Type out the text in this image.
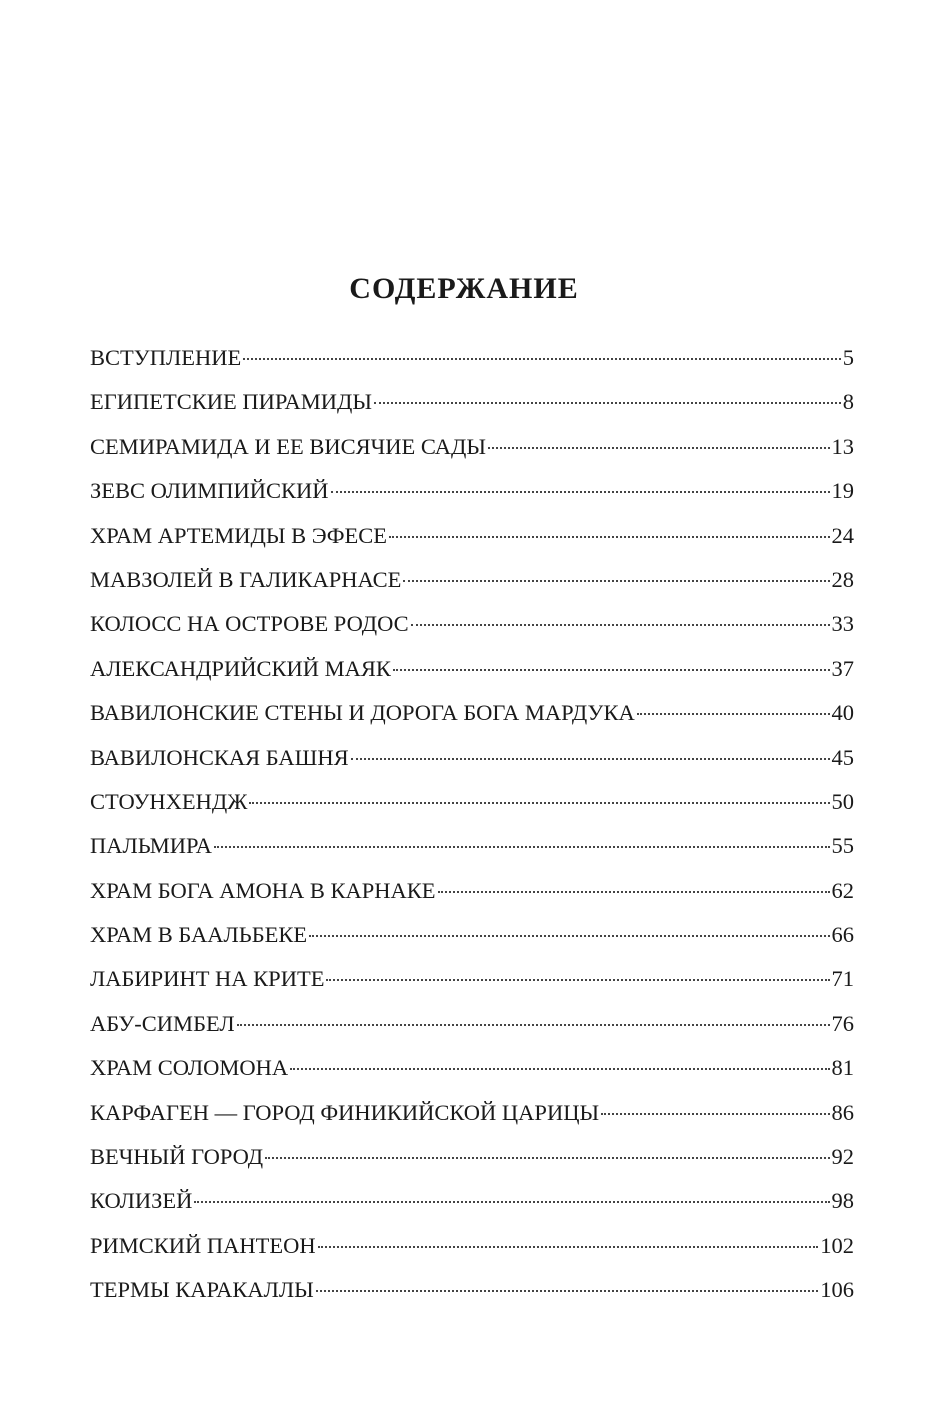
СОДЕРЖАНИЕ
ВСТУПЛЕНИЕ	5
ЕГИПЕТСКИЕ ПИРАМИДЫ	8
СЕМИРАМИДА И ЕЕ ВИСЯЧИЕ САДЫ	13
ЗЕВС ОЛИМПИЙСКИЙ	19
ХРАМ АРТЕМИДЫ В ЭФЕСЕ	24
МАВЗОЛЕЙ В ГАЛИКАРНАСЕ	28
КОЛОСС НА ОСТРОВЕ РОДОС	33
АЛЕКСАНДРИЙСКИЙ МАЯК	37
ВАВИЛОНСКИЕ СТЕНЫ И ДОРОГА БОГА МАРДУКА	40
ВАВИЛОНСКАЯ БАШНЯ	45
СТОУНХЕНДЖ	50
ПАЛЬМИРА	55
ХРАМ БОГА АМОНА В КАРНАКЕ	62
ХРАМ В БААЛЬБЕКЕ	66
ЛАБИРИНТ НА КРИТЕ	71
АБУ-СИМБЕЛ	76
ХРАМ СОЛОМОНА	81
КАРФАГЕН — ГОРОД ФИНИКИЙСКОЙ ЦАРИЦЫ	86
ВЕЧНЫЙ ГОРОД	92
КОЛИЗЕЙ	98
РИМСКИЙ ПАНТЕОН	102
ТЕРМЫ КАРАКАЛЛЫ	106
